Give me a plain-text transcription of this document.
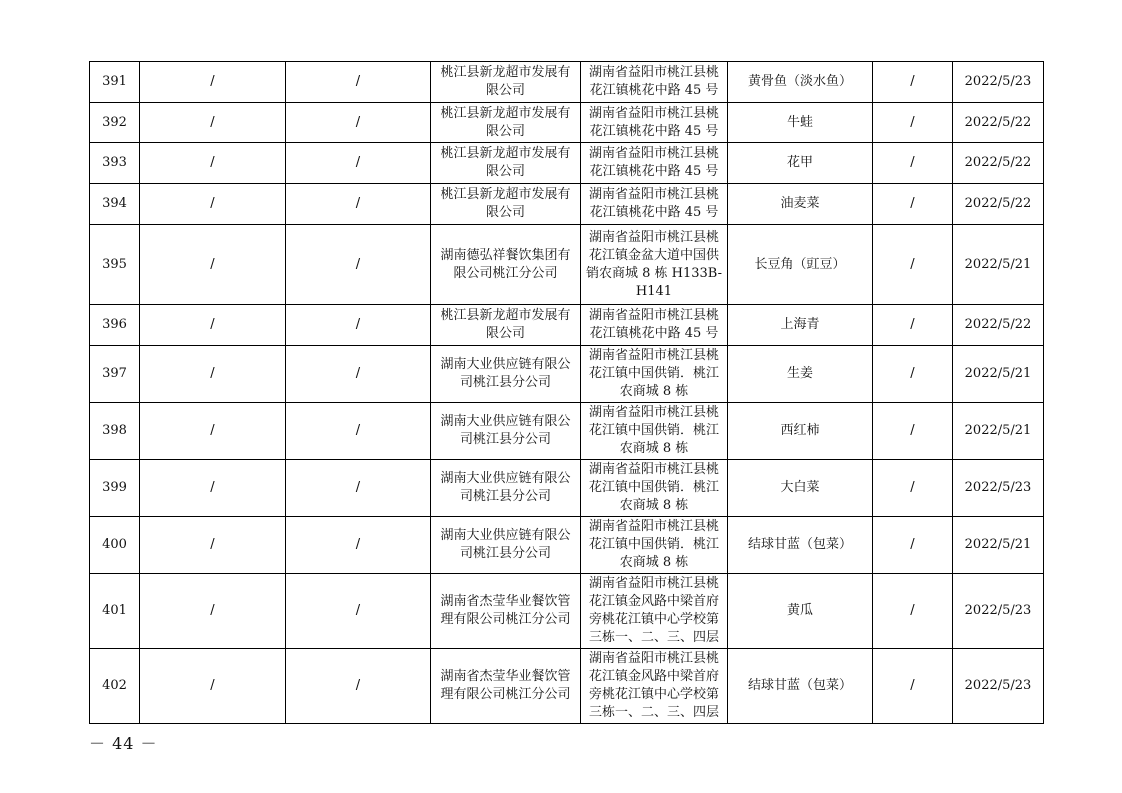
391	/	/	桃江县新龙超市发展有限公司	湖南省益阳市桃江县桃花江镇桃花中路 45 号	黄骨鱼（淡水鱼）	/	2022/5/23
392	/	/	桃江县新龙超市发展有限公司	湖南省益阳市桃江县桃花江镇桃花中路 45 号	牛蛙	/	2022/5/22
393	/	/	桃江县新龙超市发展有限公司	湖南省益阳市桃江县桃花江镇桃花中路 45 号	花甲	/	2022/5/22
394	/	/	桃江县新龙超市发展有限公司	湖南省益阳市桃江县桃花江镇桃花中路 45 号	油麦菜	/	2022/5/22
395	/	/	湖南德弘祥餐饮集团有限公司桃江分公司	湖南省益阳市桃江县桃花江镇金盆大道中国供销农商城 8 栋 H133B-H141	长豆角（豇豆）	/	2022/5/21
396	/	/	桃江县新龙超市发展有限公司	湖南省益阳市桃江县桃花江镇桃花中路 45 号	上海青	/	2022/5/22
397	/	/	湖南大业供应链有限公司桃江县分公司	湖南省益阳市桃江县桃花江镇中国供销．桃江农商城 8 栋	生姜	/	2022/5/21
398	/	/	湖南大业供应链有限公司桃江县分公司	湖南省益阳市桃江县桃花江镇中国供销．桃江农商城 8 栋	西红柿	/	2022/5/21
399	/	/	湖南大业供应链有限公司桃江县分公司	湖南省益阳市桃江县桃花江镇中国供销．桃江农商城 8 栋	大白菜	/	2022/5/23
400	/	/	湖南大业供应链有限公司桃江县分公司	湖南省益阳市桃江县桃花江镇中国供销．桃江农商城 8 栋	结球甘蓝（包菜）	/	2022/5/21
401	/	/	湖南省杰莹华业餐饮管理有限公司桃江分公司	湖南省益阳市桃江县桃花江镇金风路中梁首府旁桃花江镇中心学校第三栋一、二、三、四层	黄瓜	/	2022/5/23
402	/	/	湖南省杰莹华业餐饮管理有限公司桃江分公司	湖南省益阳市桃江县桃花江镇金风路中梁首府旁桃花江镇中心学校第三栋一、二、三、四层	结球甘蓝（包菜）	/	2022/5/23
－ 44 －
